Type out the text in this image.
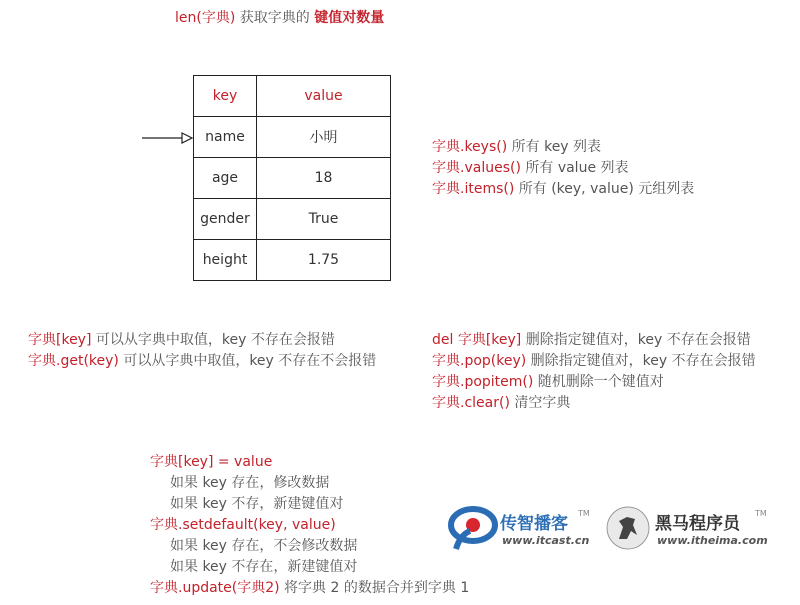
len(字典) 获取字典的 键值对数量
key	value
name	小明
age	18
gender	True
height	1.75
字典.keys() 所有 key 列表
字典.values() 所有 value 列表
字典.items() 所有 (key, value) 元组列表
字典[key] 可以从字典中取值，key 不存在会报错
字典.get(key) 可以从字典中取值，key 不存在不会报错
del 字典[key] 删除指定键值对，key 不存在会报错
字典.pop(key) 删除指定键值对，key 不存在会报错
字典.popitem() 随机删除一个键值对
字典.clear() 清空字典
字典[key] = value
如果 key 存在，修改数据
如果 key 不存，新建键值对
字典.setdefault(key, value)
如果 key 存在，不会修改数据
如果 key 不存在，新建键值对
字典.update(字典2) 将字典 2 的数据合并到字典 1
传智播客
TM
www.itcast.cn
黑马程序员
TM
www.itheima.com
